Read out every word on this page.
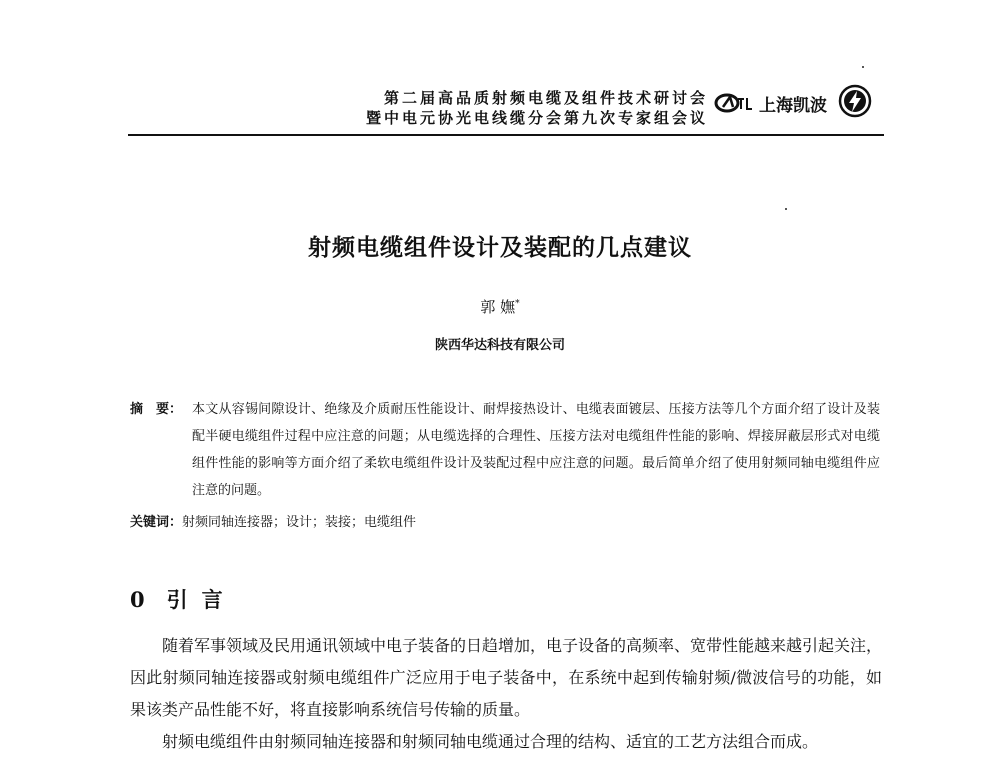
第二届高品质射频电缆及组件技术研讨会
暨中电元协光电线缆分会第九次专家组会议
上海凯波
射频电缆组件设计及装配的几点建议
郭 嫵*
陕西华达科技有限公司
摘　要： 本文从容锡间隙设计、绝缘及介质耐压性能设计、耐焊接热设计、电缆表面镀层、压接方法等几个方面介绍了设计及装配半硬电缆组件过程中应注意的问题；从电缆选择的合理性、压接方法对电缆组件性能的影响、焊接屏蔽层形式对电缆组件性能的影响等方面介绍了柔软电缆组件设计及装配过程中应注意的问题。最后简单介绍了使用射频同轴电缆组件应注意的问题。
关键词：射频同轴连接器；设计；装接；电缆组件
0 引言

随着军事领域及民用通讯领域中电子装备的日趋增加，电子设备的高频率、宽带性能越来越引起关注，因此射频同轴连接器或射频电缆组件广泛应用于电子装备中，在系统中起到传输射频/微波信号的功能，如果该类产品性能不好，将直接影响系统信号传输的质量。

射频电缆组件由射频同轴连接器和射频同轴电缆通过合理的结构、适宜的工艺方法组合而成。
